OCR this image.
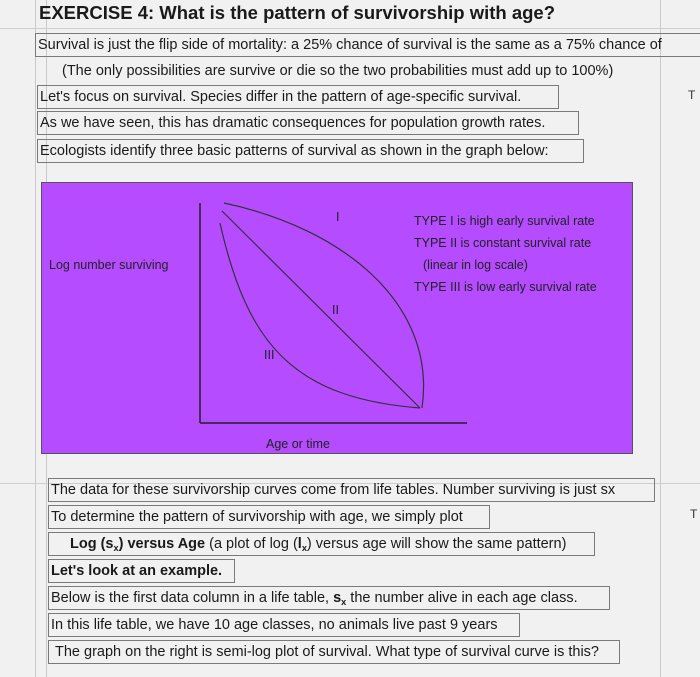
EXERCISE 4: What is the pattern of survivorship with age?
Survival is just the flip side of mortality: a 25% chance of survival is the same as a 75% chance of
(The only possibilities are survive or die so the two probabilities must add up to 100%)
Let's focus on survival. Species differ in the pattern of age-specific survival.
As we have seen, this has dramatic consequences for population growth rates.
Ecologists identify three basic patterns of survival as shown in the graph below:
T
Log number surviving
Age or time
I
II
III
TYPE I is high early survival rate
TYPE II is constant survival rate
(linear in log scale)
TYPE III is low early survival rate
The data for these survivorship curves come from life tables. Number surviving is just sx
To determine the pattern of survivorship with age, we simply plot
Log $(s_x)$ versus Age (a plot of $\log (l_x)$ versus age will show the same pattern)
Let's look at an example.
Below is the first data column in a life table, $s_x$ the number alive in each age class.
In this life table, we have 10 age classes, no animals live past 9 years
The graph on the right is semi-log plot of survival. What type of survival curve is this?
T
